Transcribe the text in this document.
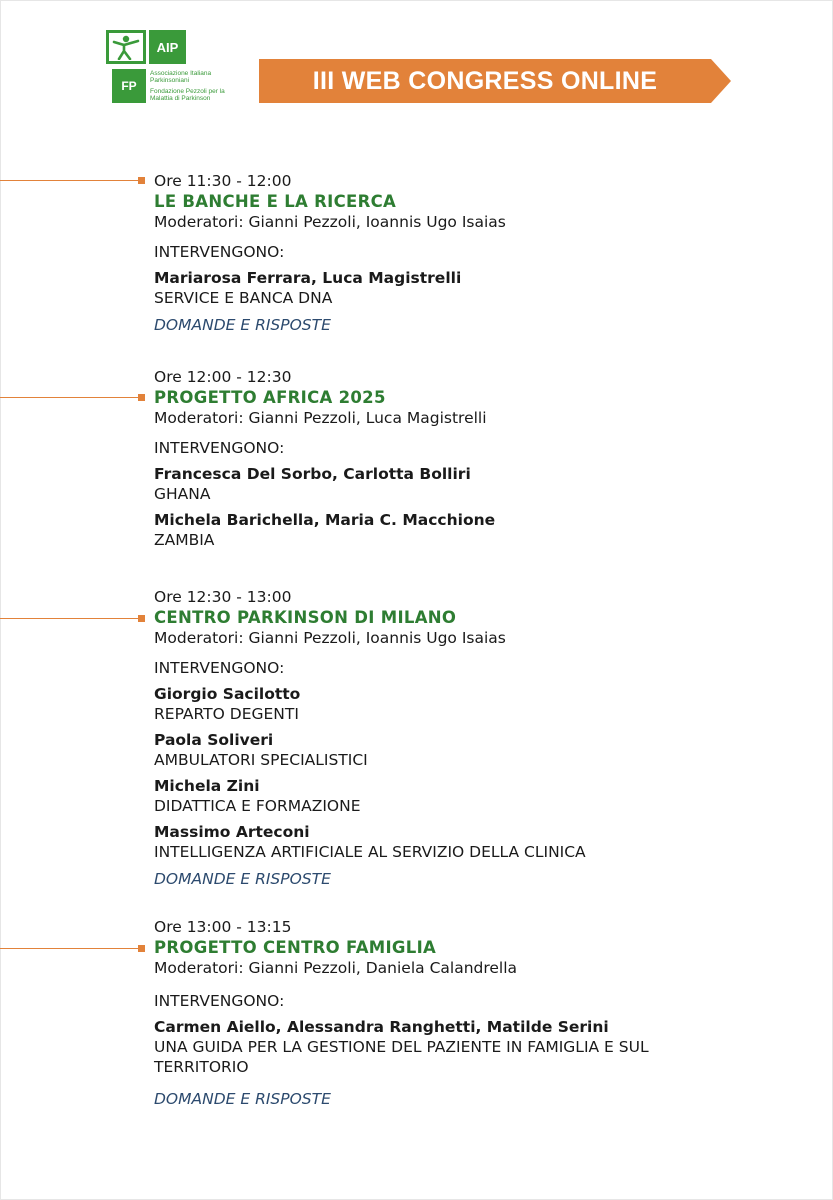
AIP
FP
Associazione Italiana Parkinsoniani
Fondazione Pezzoli per la Malattia di Parkinson
III WEB CONGRESS ONLINE
Ore 11:30 - 12:00
LE BANCHE E LA RICERCA
Moderatori: Gianni Pezzoli, Ioannis Ugo Isaias
INTERVENGONO:
Mariarosa Ferrara, Luca Magistrelli
SERVICE E BANCA DNA
DOMANDE E RISPOSTE
Ore 12:00 - 12:30
PROGETTO AFRICA 2025
Moderatori: Gianni Pezzoli, Luca Magistrelli
INTERVENGONO:
Francesca Del Sorbo, Carlotta Bolliri
GHANA
Michela Barichella, Maria C. Macchione
ZAMBIA
Ore 12:30 - 13:00
CENTRO PARKINSON DI MILANO
Moderatori: Gianni Pezzoli, Ioannis Ugo Isaias
INTERVENGONO:
Giorgio Sacilotto
REPARTO DEGENTI
Paola Soliveri
AMBULATORI SPECIALISTICI
Michela Zini
DIDATTICA E FORMAZIONE
Massimo Arteconi
INTELLIGENZA ARTIFICIALE AL SERVIZIO DELLA CLINICA
DOMANDE E RISPOSTE
Ore 13:00 - 13:15
PROGETTO CENTRO FAMIGLIA
Moderatori: Gianni Pezzoli, Daniela Calandrella
INTERVENGONO:
Carmen Aiello, Alessandra Ranghetti, Matilde Serini
UNA GUIDA PER LA GESTIONE DEL PAZIENTE IN FAMIGLIA E SUL TERRITORIO
DOMANDE E RISPOSTE
